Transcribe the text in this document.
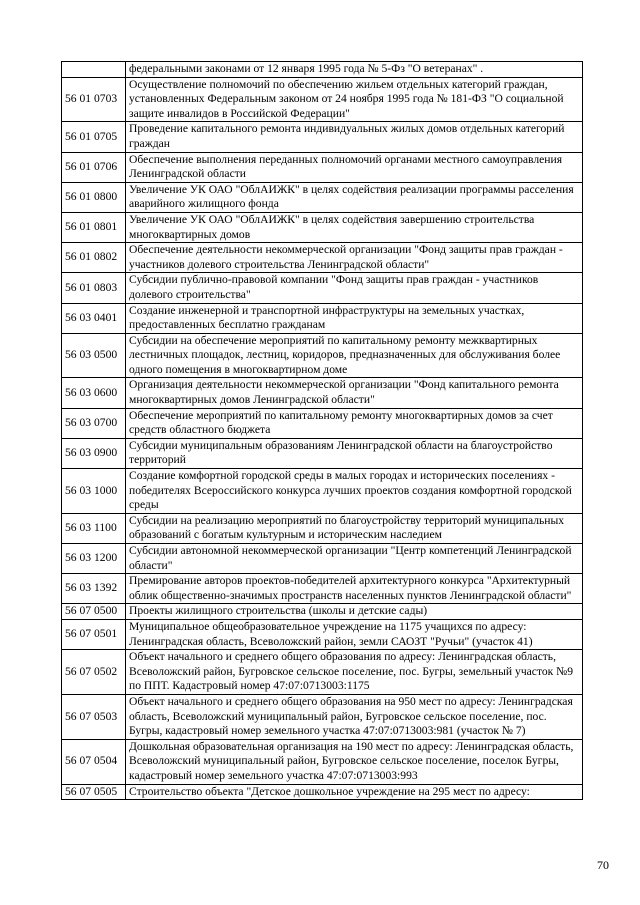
	федеральными законами от 12 января 1995 года № 5-Фз "О ветеранах" .
56 01 0703	Осуществление полномочий по обеспечению жильем отдельных категорий граждан, установленных Федеральным законом от 24 ноября 1995 года № 181-ФЗ "О социальной защите инвалидов в Российской Федерации"
56 01 0705	Проведение капитального ремонта индивидуальных жилых домов отдельных категорий граждан
56 01 0706	Обеспечение выполнения переданных полномочий органами местного самоуправления Ленинградской области
56 01 0800	Увеличение УК ОАО "ОблАИЖК" в целях содействия реализации программы расселения аварийного жилищного фонда
56 01 0801	Увеличение УК ОАО "ОблАИЖК" в целях содействия завершению строительства многоквартирных домов
56 01 0802	Обеспечение деятельности некоммерческой организации "Фонд защиты прав граждан - участников долевого строительства Ленинградской области"
56 01 0803	Субсидии публично-правовой компании "Фонд защиты прав граждан - участников долевого строительства"
56 03 0401	Создание инженерной и транспортной инфраструктуры на земельных участках, предоставленных бесплатно гражданам
56 03 0500	Субсидии на обеспечение мероприятий по капитальному ремонту межквартирных лестничных площадок, лестниц, коридоров, предназначенных для обслуживания более одного помещения в многоквартирном доме
56 03 0600	Организация деятельности некоммерческой организации "Фонд капитального ремонта многоквартирных домов Ленинградской области"
56 03 0700	Обеспечение мероприятий по капитальному ремонту многоквартирных домов за счет средств областного бюджета
56 03 0900	Субсидии муниципальным образованиям Ленинградской области на благоустройство территорий
56 03 1000	Создание комфортной городской среды в малых городах и исторических поселениях - победителях Всероссийского конкурса лучших проектов создания комфортной городской среды
56 03 1100	Субсидии на реализацию мероприятий по благоустройству территорий муниципальных образований с богатым культурным и историческим наследием
56 03 1200	Субсидии автономной некоммерческой организации "Центр компетенций Ленинградской области"
56 03 1392	Премирование авторов проектов-победителей архитектурного конкурса "Архитектурный облик общественно-значимых пространств населенных пунктов Ленинградской области"
56 07 0500	Проекты жилищного строительства (школы и детские сады)
56 07 0501	Муниципальное общеобразовательное учреждение на 1175 учащихся по адресу: Ленинградская область, Всеволожский район, земли САОЗТ "Ручьи" (участок 41)
56 07 0502	Объект начального и среднего общего образования по адресу: Ленинградская область, Всеволожский район, Бугровское сельское поселение, пос. Бугры, земельный участок №9 по ППТ. Кадастровый номер 47:07:0713003:1175
56 07 0503	Объект начального и среднего общего образования на 950 мест по адресу: Ленинградская область, Всеволожский муниципальный район, Бугровское сельское поселение, пос. Бугры, кадастровый номер земельного участка 47:07:0713003:981 (участок № 7)
56 07 0504	Дошкольная образовательная организация на 190 мест по адресу: Ленинградская область, Всеволожский муниципальный район, Бугровское сельское поселение, поселок Бугры, кадастровый номер земельного участка 47:07:0713003:993
56 07 0505	Строительство объекта "Детское дошкольное учреждение на 295 мест по адресу:
70
